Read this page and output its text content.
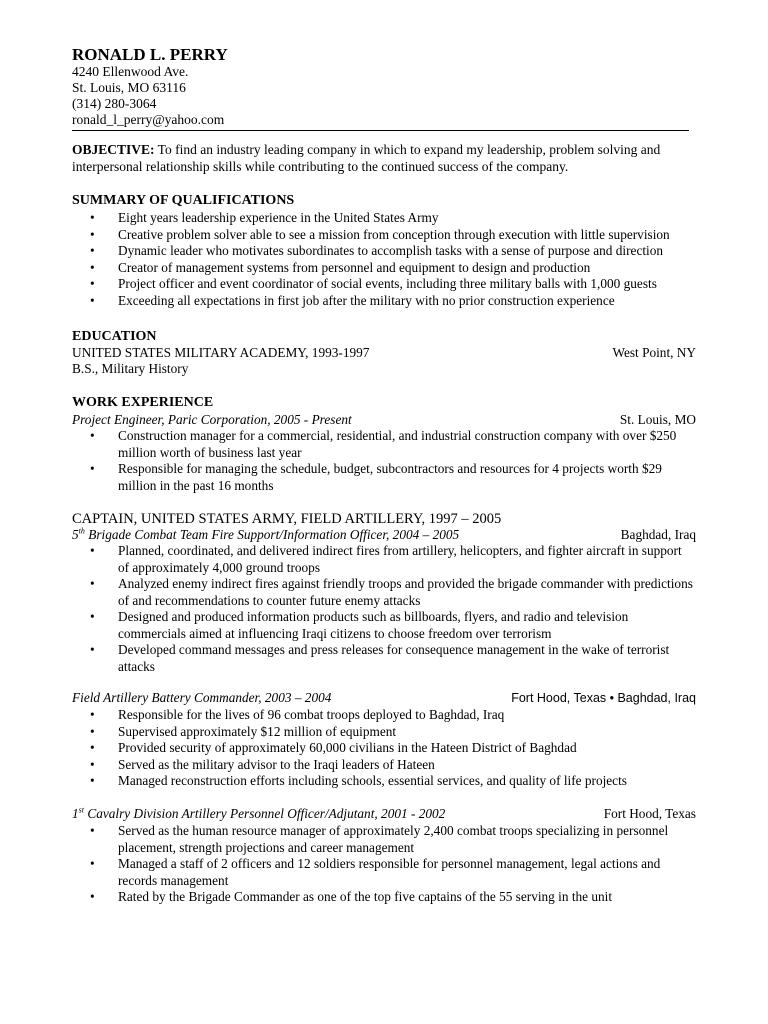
RONALD L. PERRY
4240 Ellenwood Ave.
St. Louis, MO 63116
(314) 280-3064
ronald_l_perry@yahoo.com
OBJECTIVE: To find an industry leading company in which to expand my leadership, problem solving and interpersonal relationship skills while contributing to the continued success of the company.
SUMMARY OF QUALIFICATIONS
• Eight years leadership experience in the United States Army
• Creative problem solver able to see a mission from conception through execution with little supervision
• Dynamic leader who motivates subordinates to accomplish tasks with a sense of purpose and direction
• Creator of management systems from personnel and equipment to design and production
• Project officer and event coordinator of social events, including three military balls with 1,000 guests
• Exceeding all expectations in first job after the military with no prior construction experience
EDUCATION
UNITED STATES MILITARY ACADEMY, 1993-1997	West Point, NY
B.S., Military History
WORK EXPERIENCE
Project Engineer, Paric Corporation, 2005 - Present	St. Louis, MO
• Construction manager for a commercial, residential, and industrial construction company with over $250 million worth of business last year
• Responsible for managing the schedule, budget, subcontractors and resources for 4 projects worth $29 million in the past 16 months
CAPTAIN, UNITED STATES ARMY, FIELD ARTILLERY, 1997 – 2005
5th Brigade Combat Team Fire Support/Information Officer, 2004 – 2005	Baghdad, Iraq
• Planned, coordinated, and delivered indirect fires from artillery, helicopters, and fighter aircraft in support of approximately 4,000 ground troops
• Analyzed enemy indirect fires against friendly troops and provided the brigade commander with predictions of and recommendations to counter future enemy attacks
• Designed and produced information products such as billboards, flyers, and radio and television commercials aimed at influencing Iraqi citizens to choose freedom over terrorism
• Developed command messages and press releases for consequence management in the wake of terrorist attacks
Field Artillery Battery Commander, 2003 – 2004	Fort Hood, Texas • Baghdad, Iraq
• Responsible for the lives of 96 combat troops deployed to Baghdad, Iraq
• Supervised approximately $12 million of equipment
• Provided security of approximately 60,000 civilians in the Hateen District of Baghdad
• Served as the military advisor to the Iraqi leaders of Hateen
• Managed reconstruction efforts including schools, essential services, and quality of life projects
1st Cavalry Division Artillery Personnel Officer/Adjutant, 2001 - 2002	Fort Hood, Texas
• Served as the human resource manager of approximately 2,400 combat troops specializing in personnel placement, strength projections and career management
• Managed a staff of 2 officers and 12 soldiers responsible for personnel management, legal actions and records management
• Rated by the Brigade Commander as one of the top five captains of the 55 serving in the unit
